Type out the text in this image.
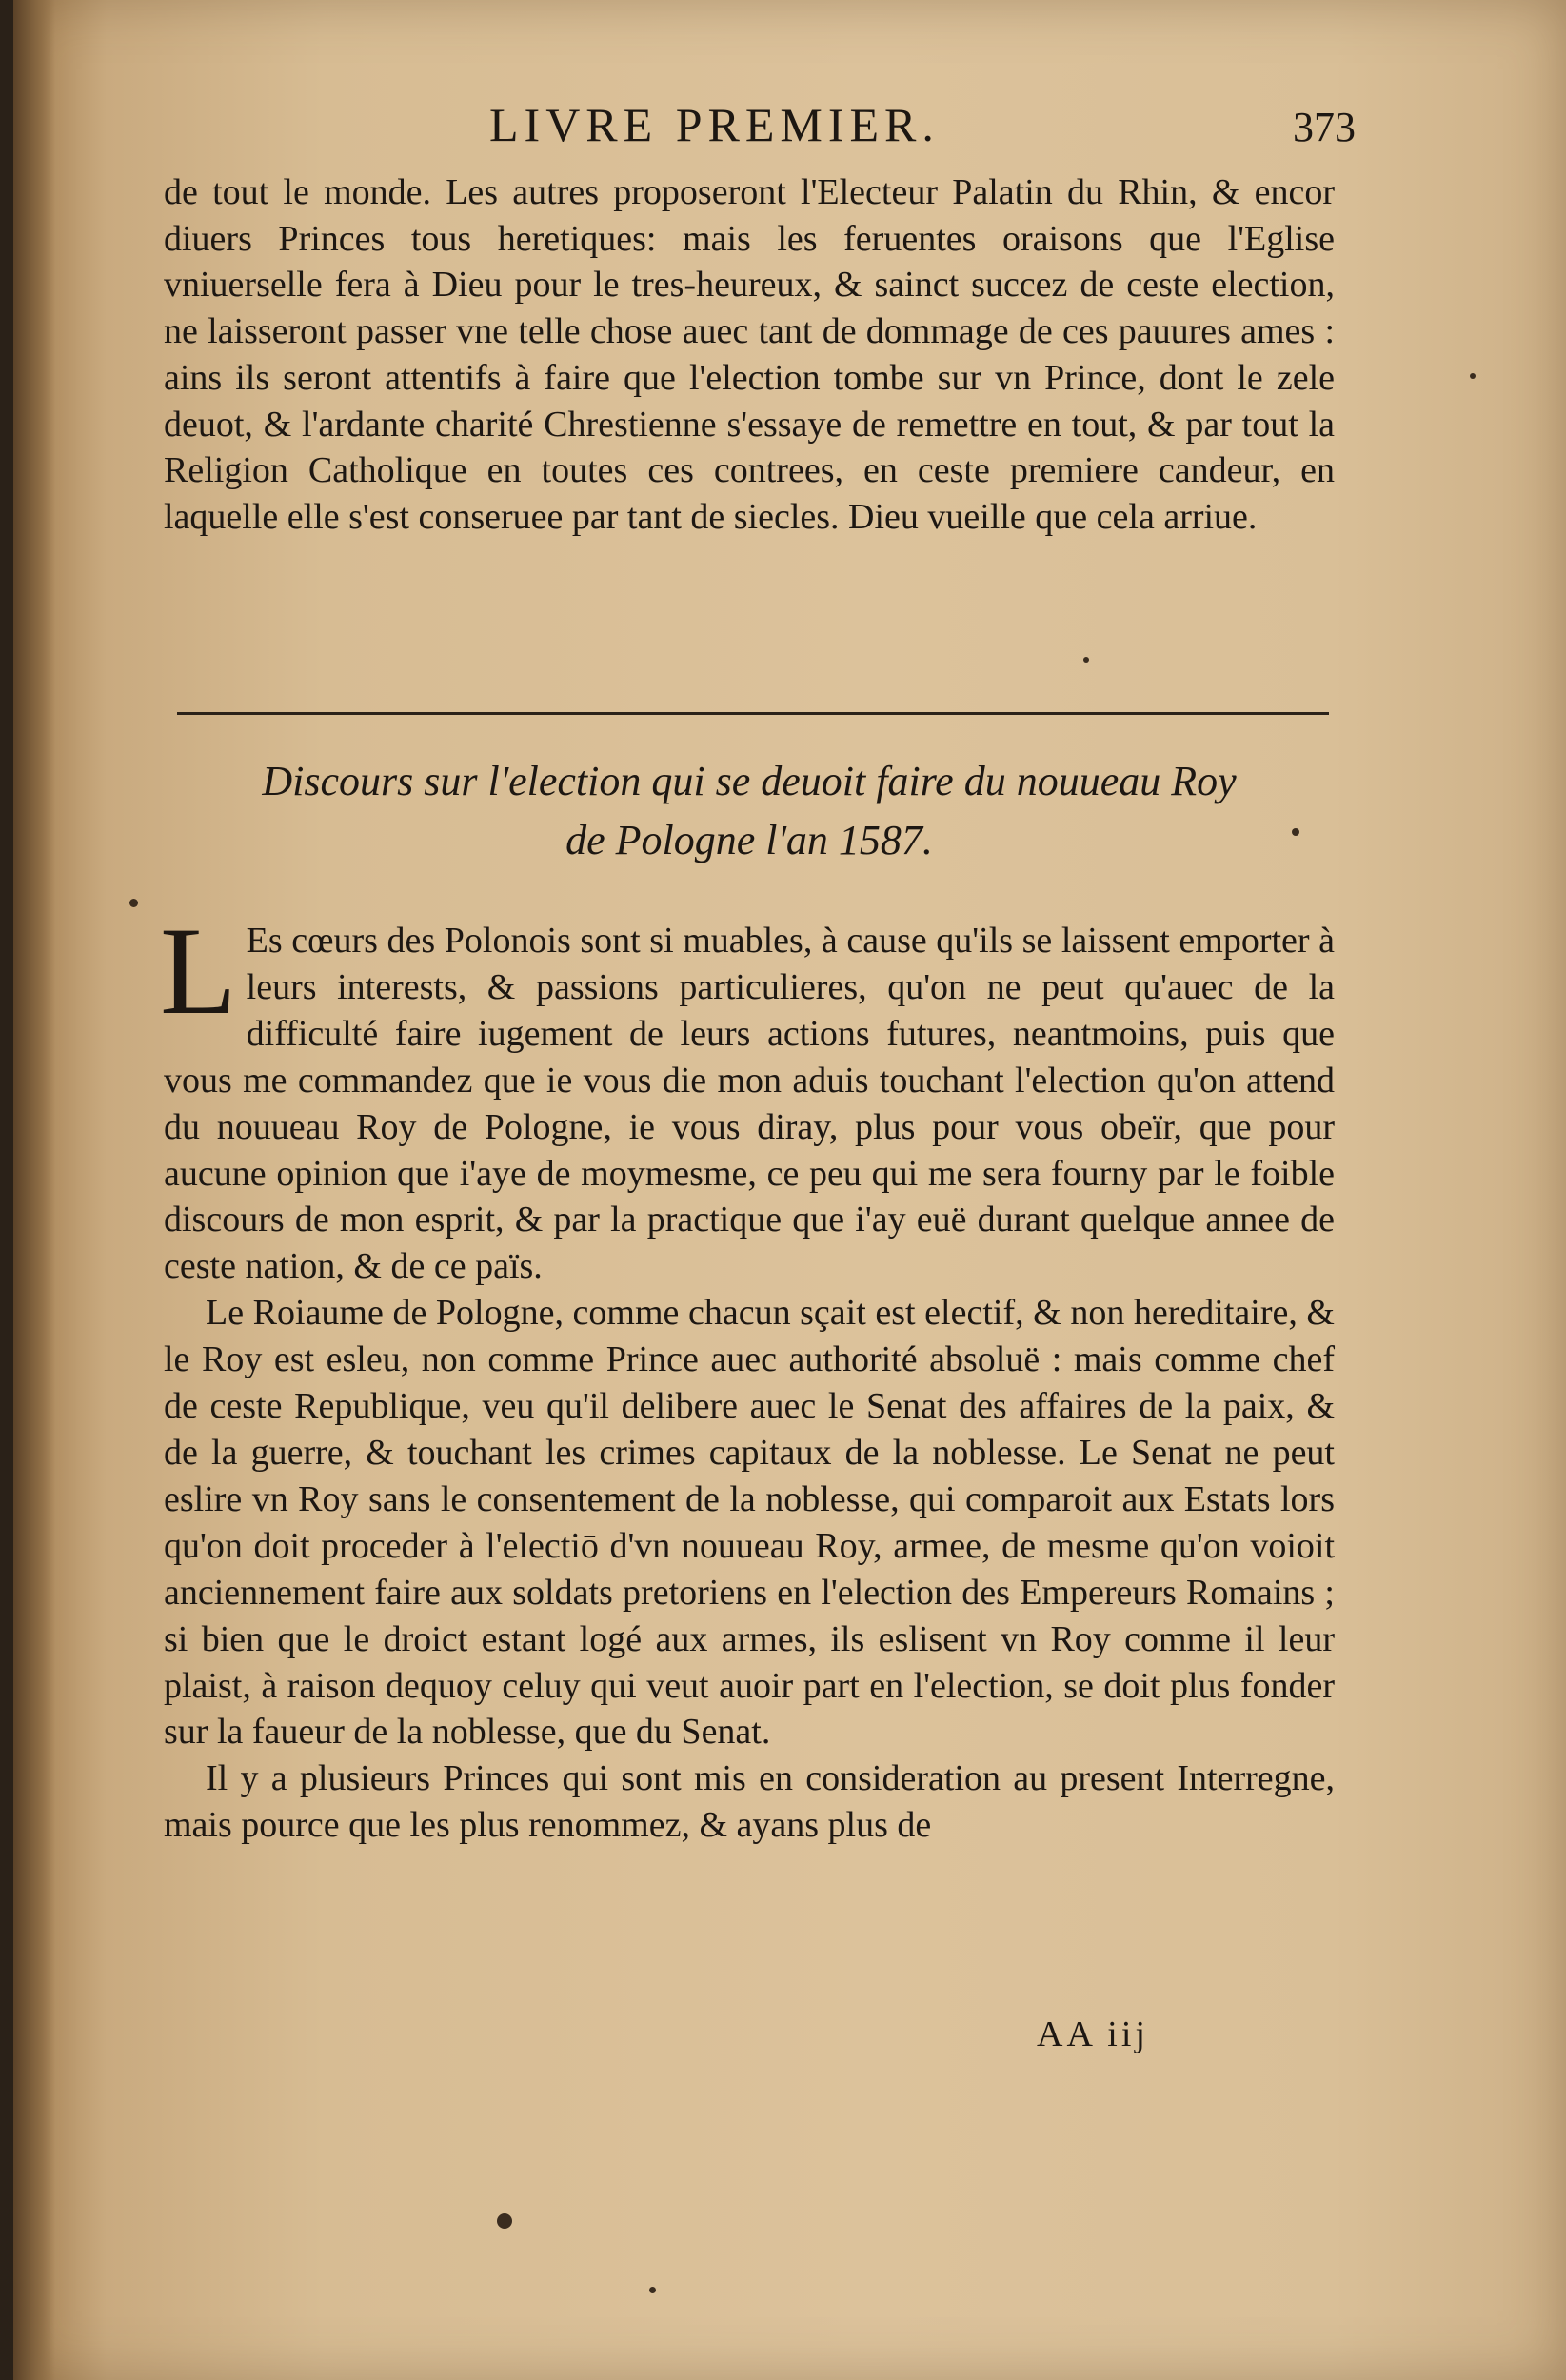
LIVRE PREMIER.	373
de tout le monde. Les autres proposeront l'Electeur Palatin du Rhin, & encor diuers Princes tous heretiques: mais les feruentes oraisons que l'Eglise vniuerselle fera à Dieu pour le tres-heureux, & sainct succez de ceste election, ne laisseront passer vne telle chose auec tant de dommage de ces pauures ames : ains ils seront attentifs à faire que l'election tombe sur vn Prince, dont le zele deuot, & l'ardante charité Chrestienne s'essaye de remettre en tout, & par tout la Religion Catholique en toutes ces contrees, en ceste premiere candeur, en laquelle elle s'est conseruee par tant de siecles. Dieu vueille que cela arriue.
Discours sur l'election qui se deuoit faire du nouueau Roy
de Pologne l'an 1587.

L Es cœurs des Polonois sont si muables, à cause qu'ils se laissent emporter à leurs interests, & passions particulieres, qu'on ne peut qu'auec de la difficulté faire iugement de leurs actions futures, neantmoins, puis que vous me commandez que ie vous die mon aduis touchant l'election qu'on attend du nouueau Roy de Pologne, ie vous diray, plus pour vous obeïr, que pour aucune opinion que i'aye de moymesme, ce peu qui me sera fourny par le foible discours de mon esprit, & par la practique que i'ay euë durant quelque annee de ceste nation, & de ce païs.

Le Roiaume de Pologne, comme chacun sçait est electif, & non hereditaire, & le Roy est esleu, non comme Prince auec authorité absoluë : mais comme chef de ceste Republique, veu qu'il delibere auec le Senat des affaires de la paix, & de la guerre, & touchant les crimes capitaux de la noblesse. Le Senat ne peut eslire vn Roy sans le consentement de la noblesse, qui comparoit aux Estats lors qu'on doit proceder à l'electiō d'vn nouueau Roy, armee, de mesme qu'on voioit anciennement faire aux soldats pretoriens en l'election des Empereurs Romains ; si bien que le droict estant logé aux armes, ils eslisent vn Roy comme il leur plaist, à raison dequoy celuy qui veut auoir part en l'election, se doit plus fonder sur la faueur de la noblesse, que du Senat.

Il y a plusieurs Princes qui sont mis en consideration au present Interregne, mais pource que les plus renommez, & ayans plus de

AA iij
